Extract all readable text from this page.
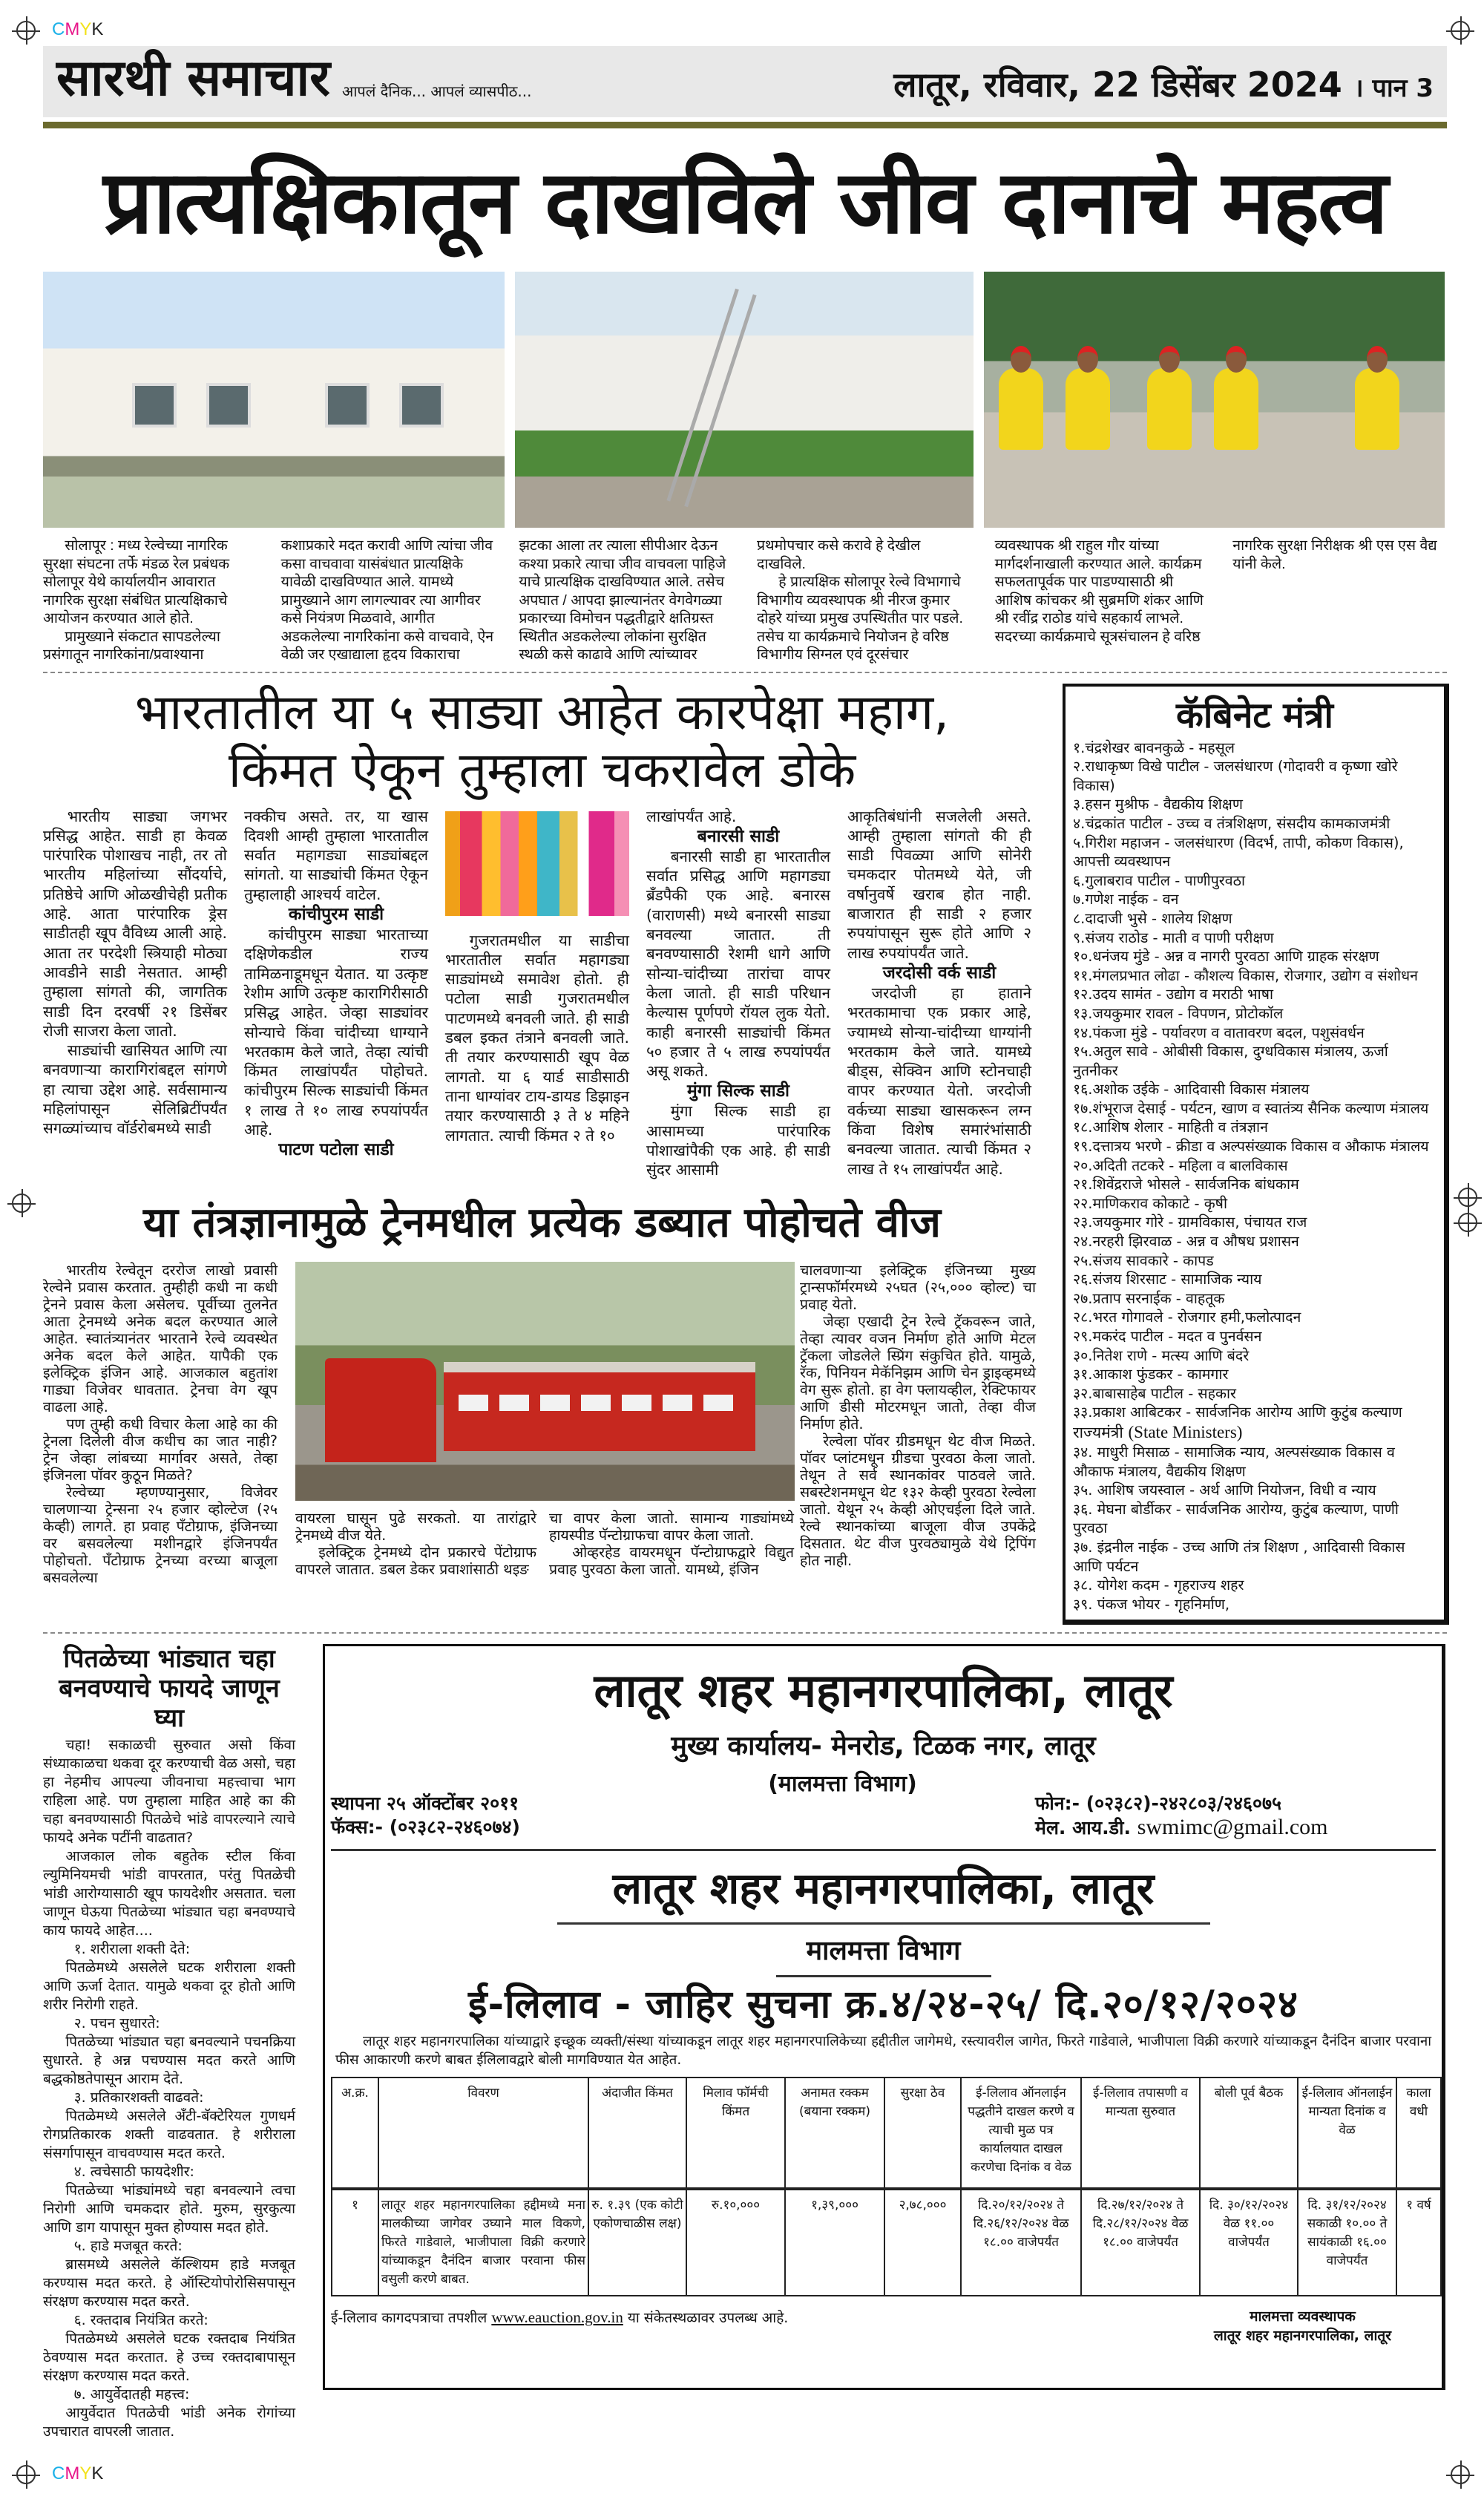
CMYK
सारथी समाचार आपलं दैनिक... आपलं व्यासपीठ...	लातूर, रविवार, 22 डिसेंबर 2024 । पान 3
प्रात्यक्षिकातून दाखविले जीव दानाचे महत्व

सोलापूर : मध्य रेल्वेच्या नागरिक सुरक्षा संघटना तर्फे मंडळ रेल प्रबंधक सोलापूर येथे कार्यालयीन आवारात नागरिक सुरक्षा संबंधित प्रात्यक्षिकाचे आयोजन करण्यात आले होते.

प्रामुख्याने संकटात सापडलेल्या प्रसंगातून नागरिकांना/प्रवाश्याना कशाप्रकारे मदत करावी आणि त्यांचा जीव कसा वाचवावा यासंबंधात प्रात्यक्षिके यावेळी दाखविण्यात आले. यामध्ये प्रामुख्याने आग लागल्यावर त्या आगीवर कसे नियंत्रण मिळवावे, आगीत अडकलेल्या नागरिकांना कसे वाचवावे, ऐन वेळी जर एखाद्याला हृदय विकाराचा झटका आला तर त्याला सीपीआर देऊन कश्या प्रकारे त्याचा जीव वाचवला पाहिजे याचे प्रात्यक्षिक दाखविण्यात आले. तसेच अपघात / आपदा झाल्यानंतर वेगवेगळ्या प्रकारच्या विमोचन पद्धतीद्वारे क्षतिग्रस्त स्थितीत अडकलेल्या लोकांना सुरक्षित स्थळी कसे काढावे आणि त्यांच्यावर प्रथमोपचार कसे करावे हे देखील दाखविले.

हे प्रात्यक्षिक सोलापूर रेल्वे विभागाचे विभागीय व्यवस्थापक श्री नीरज कुमार दोहरे यांच्या प्रमुख उपस्थितीत पार पडले. तसेच या कार्यक्रमाचे नियोजन हे वरिष्ठ विभागीय सिग्नल एवं दूरसंचार व्यवस्थापक श्री राहुल गौर यांच्या मार्गदर्शनाखाली करण्यात आले. कार्यक्रम सफलतापूर्वक पार पाडण्यासाठी श्री आशिष कांचकर श्री सुब्रमणि शंकर आणि श्री रवींद्र राठोड यांचे सहकार्य लाभले. सदरच्या कार्यक्रमाचे सूत्रसंचालन हे वरिष्ठ नागरिक सुरक्षा निरीक्षक श्री एस एस वैद्य यांनी केले.

भारतातील या ५ साड्या आहेत कारपेक्षा महाग,
किंमत ऐकून तुम्हाला चकरावेल डोके

भारतीय साड्या जगभर प्रसिद्ध आहेत. साडी हा केवळ पारंपारिक पोशाखच नाही, तर तो भारतीय महिलांच्या सौंदर्याचे, प्रतिष्ठेचे आणि ओळखीचेही प्रतीक आहे. आता पारंपारिक ड्रेस साडीतही खूप वैविध्य आली आहे. आता तर परदेशी स्त्रियाही मोठ्या आवडीने साडी नेसतात. आम्ही तुम्हाला सांगतो की, जागतिक साडी दिन दरवर्षी २१ डिसेंबर रोजी साजरा केला जातो.

साड्यांची खासियत आणि त्या बनवणाऱ्या कारागिरांबद्दल सांगणे हा त्याचा उद्देश आहे. सर्वसामान्य महिलांपासून सेलिब्रिटींपर्यंत सगळ्यांच्याच वॉर्डरोबमध्ये साडी

नक्कीच असते. तर, या खास दिवशी आम्ही तुम्हाला भारतातील सर्वात महागड्या साड्यांबद्दल सांगतो. या साड्यांची किंमत ऐकून तुम्हालाही आश्चर्य वाटेल.

कांचीपुरम साडी

कांचीपुरम साड्या भारताच्या दक्षिणेकडील राज्य तामिळनाडूमधून येतात. या उत्कृष्ट रेशीम आणि उत्कृष्ट कारागिरीसाठी प्रसिद्ध आहेत. जेव्हा साड्यांवर सोन्याचे किंवा चांदीच्या धाग्याने भरतकाम केले जाते, तेव्हा त्यांची किंमत लाखांपर्यंत पोहोचते. कांचीपुरम सिल्क साड्यांची किंमत १ लाख ते १० लाख रुपयांपर्यंत आहे.

पाटण पटोला साडी

गुजरातमधील या साडीचा भारतातील सर्वात महागड्या साड्यांमध्ये समावेश होतो. ही पटोला साडी गुजरातमधील पाटणमध्ये बनवली जाते. ही साडी डबल इकत तंत्राने बनवली जाते. ती तयार करण्यासाठी खूप वेळ लागतो. या ६ यार्ड साडीसाठी ताना धाग्यांवर टाय-डायड डिझाइन तयार करण्यासाठी ३ ते ४ महिने लागतात. त्याची किंमत २ ते १०

लाखांपर्यंत आहे.

बनारसी साडी

बनारसी साडी हा भारतातील सर्वात प्रसिद्ध आणि महागड्या ब्रँडपैकी एक आहे. बनारस (वाराणसी) मध्ये बनारसी साड्या बनवल्या जातात. ती बनवण्यासाठी रेशमी धागे आणि सोन्या-चांदीच्या तारांचा वापर केला जातो. ही साडी परिधान केल्यास पूर्णपणे रॉयल लुक येतो. काही बनारसी साड्यांची किंमत ५० हजार ते ५ लाख रुपयांपर्यंत असू शकते.

मुंगा सिल्क साडी

मुंगा सिल्क साडी हा आसामच्या पारंपारिक पोशाखांपैकी एक आहे. ही साडी सुंदर आसामी

आकृतिबंधांनी सजलेली असते. आम्ही तुम्हाला सांगतो की ही साडी पिवळ्या आणि सोनेरी चमकदार पोतमध्ये येते, जी वर्षानुवर्षे खराब होत नाही. बाजारात ही साडी २ हजार रुपयांपासून सुरू होते आणि २ लाख रुपयांपर्यंत जाते.

जरदोसी वर्क साडी

जरदोजी हा हाताने भरतकामाचा एक प्रकार आहे, ज्यामध्ये सोन्या-चांदीच्या धाग्यांनी भरतकाम केले जाते. यामध्ये बीड्स, सेक्विन आणि स्टोनचाही वापर करण्यात येतो. जरदोजी वर्कच्या साड्या खासकरून लग्न किंवा विशेष समारंभांसाठी बनवल्या जातात. त्याची किंमत २ लाख ते १५ लाखांपर्यंत आहे.

या तंत्रज्ञानामुळे ट्रेनमधील प्रत्येक डब्यात पोहोचते वीज

भारतीय रेल्वेतून दररोज लाखो प्रवासी रेल्वेने प्रवास करतात. तुम्हीही कधी ना कधी ट्रेनने प्रवास केला असेलच. पूर्वीच्या तुलनेत आता ट्रेनमध्ये अनेक बदल करण्यात आले आहेत. स्वातंत्र्यानंतर भारताने रेल्वे व्यवस्थेत अनेक बदल केले आहेत. यापैकी एक इलेक्ट्रिक इंजिन आहे. आजकाल बहुतांश गाड्या विजेवर धावतात. ट्रेनचा वेग खूप वाढला आहे.

पण तुम्ही कधी विचार केला आहे का की ट्रेनला दिलेली वीज कधीच का जात नाही? ट्रेन जेव्हा लांबच्या मार्गावर असते, तेव्हा इंजिनला पॉवर कुठून मिळते?

रेल्वेच्या म्हणण्यानुसार, विजेवर चालणाऱ्या ट्रेन्सना २५ हजार व्होल्टेज (२५ केव्ही) लागते. हा प्रवाह पँटोग्राफ, इंजिनच्या वर बसवलेल्या मशीनद्वारे इंजिनपर्यंत पोहोचतो. पँटोग्राफ ट्रेनच्या वरच्या बाजूला बसवलेल्या

वायरला घासून पुढे सरकतो. या तारांद्वारे ट्रेनमध्ये वीज येते.

इलेक्ट्रिक ट्रेनमध्ये दोन प्रकारचे पेंटोग्राफ वापरले जातात. डबल डेकर प्रवाशांसाठी थइङ

चा वापर केला जातो. सामान्य गाड्यांमध्ये हायस्पीड पॅन्टोग्राफचा वापर केला जातो.

ओव्हरहेड वायरमधून पॅन्टोग्राफद्वारे विद्युत प्रवाह पुरवठा केला जातो. यामध्ये, इंजिन

चालवणाऱ्या इलेक्ट्रिक इंजिनच्या मुख्य ट्रान्सफॉर्मरमध्ये २५घत (२५,००० व्होल्ट) चा प्रवाह येतो.

जेव्हा एखादी ट्रेन रेल्वे ट्रॅकवरून जाते, तेव्हा त्यावर वजन निर्माण होते आणि मेटल ट्रॅकला जोडलेले स्प्रिंग संकुचित होते. यामुळे, रॅक, पिनियन मेकॅनिझम आणि चेन ड्राइव्हमध्ये वेग सुरू होतो. हा वेग फ्लायव्हील, रेक्टिफायर आणि डीसी मोटरमधून जातो, तेव्हा वीज निर्माण होते.

रेल्वेला पॉवर ग्रीडमधून थेट वीज मिळते. पॉवर प्लांटमधून ग्रीडचा पुरवठा केला जातो. तेथून ते सर्व स्थानकांवर पाठवले जाते. सबस्टेशनमधून थेट १३२ केव्ही पुरवठा रेल्वेला जातो. येथून २५ केव्ही ओएचईला दिले जाते. रेल्वे स्थानकांच्या बाजूला वीज उपकेंद्रे दिसतात. थेट वीज पुरवठ्यामुळे येथे ट्रिपिंग होत नाही.

कॅबिनेट मंत्री
१.चंद्रशेखर बावनकुळे - महसूल
२.राधाकृष्ण विखे पाटील - जलसंधारण (गोदावरी व कृष्णा खोरे विकास)
३.हसन मुश्रीफ - वैद्यकीय शिक्षण
४.चंद्रकांत पाटील - उच्च व तंत्रशिक्षण, संसदीय कामकाजमंत्री
५.गिरीश महाजन - जलसंधारण (विदर्भ, तापी, कोकण विकास), आपत्ती व्यवस्थापन
६.गुलाबराव पाटील - पाणीपुरवठा
७.गणेश नाईक - वन
८.दादाजी भुसे - शालेय शिक्षण
९.संजय राठोड - माती व पाणी परीक्षण
१०.धनंजय मुंडे - अन्न व नागरी पुरवठा आणि ग्राहक संरक्षण
११.मंगलप्रभात लोढा - कौशल्य विकास, रोजगार, उद्योग व संशोधन
१२.उदय सामंत - उद्योग व मराठी भाषा
१३.जयकुमार रावल - विपणन, प्रोटोकॉल
१४.पंकजा मुंडे - पर्यावरण व वातावरण बदल, पशुसंवर्धन
१५.अतुल सावे - ओबीसी विकास, दुग्धविकास मंत्रालय, ऊर्जा नुतनीकर
१६.अशोक उईके - आदिवासी विकास मंत्रालय
१७.शंभूराज देसाई - पर्यटन, खाण व स्वातंत्र्य सैनिक कल्याण मंत्रालय
१८.आशिष शेलार - माहिती व तंत्रज्ञान
१९.दत्तात्रय भरणे - क्रीडा व अल्पसंख्याक विकास व औकाफ मंत्रालय
२०.अदिती तटकरे - महिला व बालविकास
२१.शिवेंद्रराजे भोसले - सार्वजनिक बांधकाम
२२.माणिकराव कोकाटे - कृषी
२३.जयकुमार गोरे - ग्रामविकास, पंचायत राज
२४.नरहरी झिरवाळ - अन्न व औषध प्रशासन
२५.संजय सावकारे - कापड
२६.संजय शिरसाट - सामाजिक न्याय
२७.प्रताप सरनाईक - वाहतूक
२८.भरत गोगावले - रोजगार हमी,फलोत्पादन
२९.मकरंद पाटील - मदत व पुनर्वसन
३०.नितेश राणे - मत्स्य आणि बंदरे
३१.आकाश फुंडकर - कामगार
३२.बाबासाहेब पाटील - सहकार
३३.प्रकाश आबिटकर - सार्वजनिक आरोग्य आणि कुटुंब कल्याण
राज्यमंत्री (State Ministers)
३४. माधुरी मिसाळ - सामाजिक न्याय, अल्पसंख्याक विकास व औकाफ मंत्रालय, वैद्यकीय शिक्षण
३५. आशिष जयस्वाल - अर्थ आणि नियोजन, विधी व न्याय
३६. मेघना बोर्डीकर - सार्वजनिक आरोग्य, कुटुंब कल्याण, पाणी पुरवठा
३७. इंद्रनील नाईक - उच्च आणि तंत्र शिक्षण , आदिवासी विकास आणि पर्यटन
३८. योगेश कदम - गृहराज्य शहर
३९. पंकज भोयर - गृहनिर्माण,
पितळेच्या भांड्यात चहा
बनवण्याचे फायदे जाणून घ्या

चहा! सकाळची सुरुवात असो किंवा संध्याकाळचा थकवा दूर करण्याची वेळ असो, चहा हा नेहमीच आपल्या जीवनाचा महत्त्वाचा भाग राहिला आहे. पण तुम्हाला माहित आहे का की चहा बनवण्यासाठी पितळेचे भांडे वापरल्याने त्याचे फायदे अनेक पटींनी वाढतात?

आजकाल लोक बहुतेक स्टील किंवा ल्युमिनियमची भांडी वापरतात, परंतु पितळेची भांडी आरोग्यासाठी खूप फायदेशीर असतात. चला जाणून घेऊया पितळेच्या भांड्यात चहा बनवण्याचे काय फायदे आहेत....

१. शरीराला शक्ती देते:

पितळेमध्ये असलेले घटक शरीराला शक्ती आणि ऊर्जा देतात. यामुळे थकवा दूर होतो आणि शरीर निरोगी राहते.

२. पचन सुधारते:

पितळेच्या भांड्यात चहा बनवल्याने पचनक्रिया सुधारते. हे अन्न पचण्यास मदत करते आणि बद्धकोष्ठतेपासून आराम देते.

३. प्रतिकारशक्ती वाढवते:

पितळेमध्ये असलेले अँटी-बॅक्टेरियल गुणधर्म रोगप्रतिकारक शक्ती वाढवतात. हे शरीराला संसर्गापासून वाचवण्यास मदत करते.

४. त्वचेसाठी फायदेशीर:

पितळेच्या भांड्यांमध्ये चहा बनवल्याने त्वचा निरोगी आणि चमकदार होते. मुरुम, सुरकुत्या आणि डाग यापासून मुक्त होण्यास मदत होते.

५. हाडे मजबूत करते:

ब्रासमध्ये असलेले कॅल्शियम हाडे मजबूत करण्यास मदत करते. हे ऑस्टियोपोरोसिसपासून संरक्षण करण्यास मदत करते.

६. रक्तदाब नियंत्रित करते:

पितळेमध्ये असलेले घटक रक्तदाब नियंत्रित ठेवण्यास मदत करतात. हे उच्च रक्तदाबापासून संरक्षण करण्यास मदत करते.

७. आयुर्वेदातही महत्त्व:

आयुर्वेदात पितळेची भांडी अनेक रोगांच्या उपचारात वापरली जातात.

लातूर शहर महानगरपालिका, लातूर
मुख्य कार्यालय- मेनरोड, टिळक नगर, लातूर
स्थापना २५ ऑक्टोंबर २०११
फॅक्स:- (०२३८२-२४६०७४)
(मालमत्ता विभाग)
फोन:- (०२३८२)-२४२८०३/२४६०७५
मेल. आय.डी. swmimc@gmail.com
लातूर शहर महानगरपालिका, लातूर
मालमत्ता विभाग
ई-लिलाव - जाहिर सुचना क्र.४/२४-२५/ दि.२०/१२/२०२४
लातूर शहर महानगरपालिका यांच्याद्वारे इच्छूक व्यक्ती/संस्था यांच्याकडून लातूर शहर महानगरपालिकेच्या हद्दीतील जागेमधे, रस्त्यावरील जागेत, फिरते गाडेवाले, भाजीपाला विक्री करणारे यांच्याकडून दैनंदिन बाजार परवाना फीस आकारणी करणे बाबत ईलिलावद्वारे बोली मागविण्यात येत आहेत.
अ.क्र.	विवरण	अंदाजीत किंमत	मिलाव फॉर्मची किंमत	अनामत रक्कम (बयाना रक्कम)	सुरक्षा ठेव	ई-लिलाव ऑनलाईन पद्धतीने दाखल करणे व त्याची मुळ पत्र कार्यालयात दाखल करणेचा दिनांक व वेळ	ई-लिलाव तपासणी व मान्यता सुरुवात	बोली पूर्व बैठक	ई-लिलाव ऑनलाईन मान्यता दिनांक व वेळ	काला वधी
१	लातूर शहर महानगरपालिका हद्दीमध्ये मना मालकीच्या जागेवर उघ्याने माल विकणे, फिरते गाडेवाले, भाजीपाला विक्री करणारे यांच्याकडून दैनंदिन बाजार परवाना फीस वसुली करणे बाबत.	रु. १.३९ (एक कोटी एकोणचाळीस लक्ष)	रु.१०,०००	१,३९,०००	२,७८,०००	दि.२०/१२/२०२४ ते दि.२६/१२/२०२४ वेळ १८.०० वाजेपर्यंत	दि.२७/१२/२०२४ ते दि.२८/१२/२०२४ वेळ १८.०० वाजेपर्यंत	दि. ३०/१२/२०२४ वेळ ११.०० वाजेपर्यंत	दि. ३१/१२/२०२४ सकाळी १०.०० ते सायंकाळी १६.०० वाजेपर्यंत	१ वर्ष
ई-लिलाव कागदपत्राचा तपशील www.eauction.gov.in या संकेतस्थळावर उपलब्ध आहे.	मालमत्ता व्यवस्थापक
लातूर शहर महानगरपालिका, लातूर
CMYK
